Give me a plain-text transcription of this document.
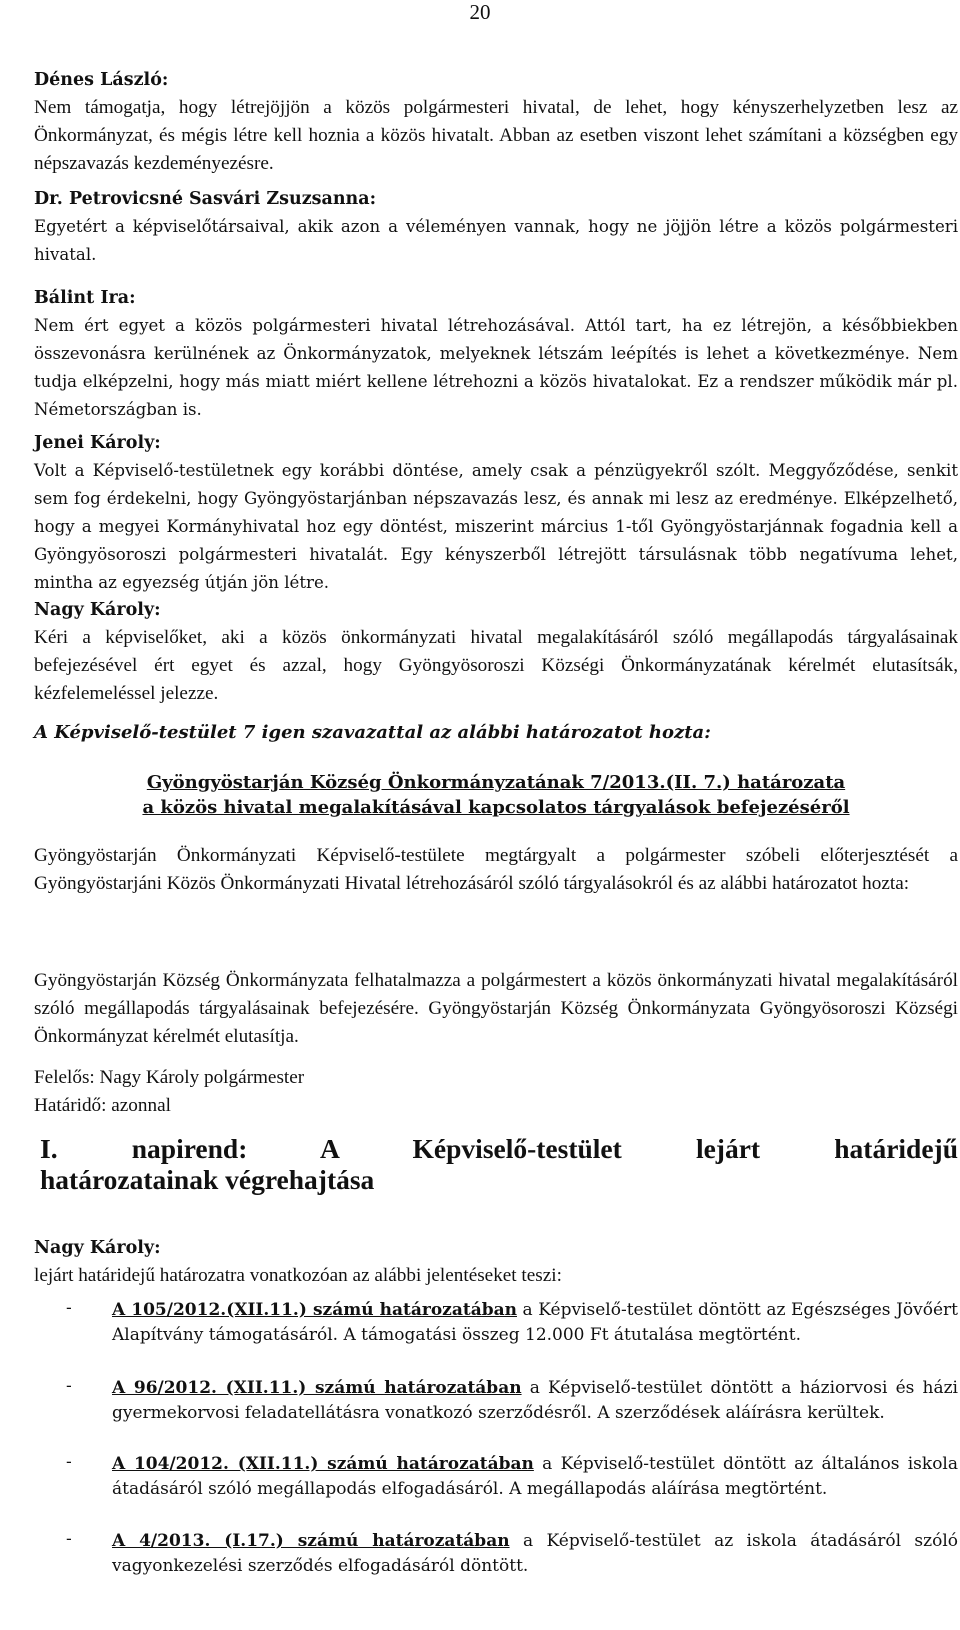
20
Dénes László:

Nem támogatja, hogy létrejöjjön a közös polgármesteri hivatal, de lehet, hogy kényszerhelyzetben lesz az Önkormányzat, és mégis létre kell hoznia a közös hivatalt. Abban az esetben viszont lehet számítani a községben egy népszavazás kezdeményezésre.

Dr. Petrovicsné Sasvári Zsuzsanna:

Egyetért a képviselőtársaival, akik azon a véleményen vannak, hogy ne jöjjön létre a közös polgármesteri hivatal.

Bálint Ira:

Nem ért egyet a közös polgármesteri hivatal létrehozásával. Attól tart, ha ez létrejön, a későbbiekben összevonásra kerülnének az Önkormányzatok, melyeknek létszám leépítés is lehet a következménye. Nem tudja elképzelni, hogy más miatt miért kellene létrehozni a közös hivatalokat. Ez a rendszer működik már pl. Németországban is.

Jenei Károly:

Volt a Képviselő-testületnek egy korábbi döntése, amely csak a pénzügyekről szólt. Meggyőződése, senkit sem fog érdekelni, hogy Gyöngyöstarjánban népszavazás lesz, és annak mi lesz az eredménye. Elképzelhető, hogy a megyei Kormányhivatal hoz egy döntést, miszerint március 1-től Gyöngyöstarjánnak fogadnia kell a Gyöngyösoroszi polgármesteri hivatalát. Egy kényszerből létrejött társulásnak több negatívuma lehet, mintha az egyezség útján jön létre.

Nagy Károly:

Kéri a képviselőket, aki a közös önkormányzati hivatal megalakításáról szóló megállapodás tárgyalásainak befejezésével ért egyet és azzal, hogy Gyöngyösoroszi Községi Önkormányzatának kérelmét elutasítsák, kézfelemeléssel jelezze.

A Képviselő-testület 7 igen szavazattal az alábbi határozatot hozta:
Gyöngyöstarján Község Önkormányzatának 7/2013.(II. 7.) határozata
a közös hivatal megalakításával kapcsolatos tárgyalások befejezéséről

Gyöngyöstarján Önkormányzati Képviselő-testülete megtárgyalt a polgármester szóbeli előterjesztését a Gyöngyöstarjáni Közös Önkormányzati Hivatal létrehozásáról szóló tárgyalásokról és az alábbi határozatot hozta:

Gyöngyöstarján Község Önkormányzata felhatalmazza a polgármestert a közös önkormányzati hivatal megalakításáról szóló megállapodás tárgyalásainak befejezésére. Gyöngyöstarján Község Önkormányzata Gyöngyösoroszi Községi Önkormányzat kérelmét elutasítja.

Felelős: Nagy Károly polgármester
Határidő: azonnal
I. napirend: A Képviselő-testület lejárt határidejű
határozatainak végrehajtása
Nagy Károly:
lejárt határidejű határozatra vonatkozóan az alábbi jelentéseket teszi:
- A 105/2012.(XII.11.) számú határozatában a Képviselő-testület döntött az Egészséges Jövőért Alapítvány támogatásáról. A támogatási összeg 12.000 Ft átutalása megtörtént.
- A 96/2012. (XII.11.) számú határozatában a Képviselő-testület döntött a háziorvosi és házi gyermekorvosi feladatellátásra vonatkozó szerződésről. A szerződések aláírásra kerültek.
- A 104/2012. (XII.11.) számú határozatában a Képviselő-testület döntött az általános iskola átadásáról szóló megállapodás elfogadásáról. A megállapodás aláírása megtörtént.
- A 4/2013. (I.17.) számú határozatában a Képviselő-testület az iskola átadásáról szóló vagyonkezelési szerződés elfogadásáról döntött.
